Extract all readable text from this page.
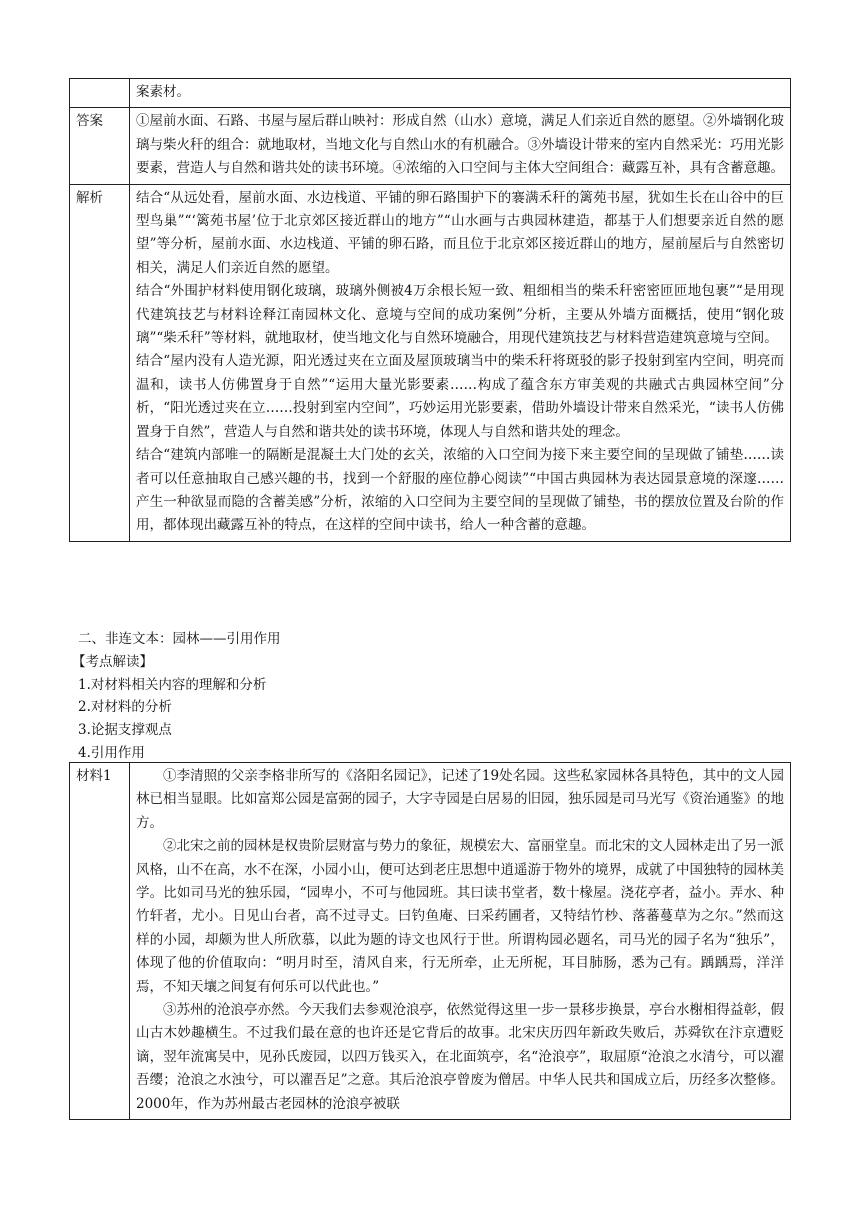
	案素材。
答案	①屋前水面、石路、书屋与屋后群山映衬：形成自然（山水）意境，满足人们亲近自然的愿望。②外墙钢化玻璃与柴火秆的组合：就地取材，当地文化与自然山水的有机融合。③外墙设计带来的室内自然采光：巧用光影要素，营造人与自然和谐共处的读书环境。④浓缩的入口空间与主体大空间组合：藏露互补，具有含蓄意趣。
解析	结合“从远处看，屋前水面、水边栈道、平铺的卵石路围护下的褰满禾秆的篱苑书屋，犹如生长在山谷中的巨型鸟巢”“‘篱苑书屋’位于北京郊区接近群山的地方”“山水画与古典园林建造，都基于人们想要亲近自然的愿望”等分析，屋前水面、水边栈道、平铺的卵石路，而且位于北京郊区接近群山的地方，屋前屋后与自然密切相关，满足人们亲近自然的愿望。

结合“外围护材料使用钢化玻璃，玻璃外侧被4万余根长短一致、粗细相当的柴禾秆密密匝匝地包裹”“是用现代建筑技艺与材料诠释江南园林文化、意境与空间的成功案例”分析，主要从外墙方面概括，使用“钢化玻璃”“柴禾秆”等材料，就地取材，使当地文化与自然环境融合，用现代建筑技艺与材料营造建筑意境与空间。

结合“屋内没有人造光源，阳光透过夹在立面及屋顶玻璃当中的柴禾秆将斑驳的影子投射到室内空间，明亮而温和，读书人仿佛置身于自然”“运用大量光影要素……构成了蕴含东方审美观的共融式古典园林空间”分析，“阳光透过夹在立……投射到室内空间”，巧妙运用光影要素，借助外墙设计带来自然采光，“读书人仿佛置身于自然”，营造人与自然和谐共处的读书环境，体现人与自然和谐共处的理念。

结合“建筑内部唯一的隔断是混凝土大门处的玄关，浓缩的入口空间为接下来主要空间的呈现做了铺垫……读者可以任意抽取自己感兴趣的书，找到一个舒服的座位静心阅读”“中国古典园林为表达园景意境的深邃……产生一种欲显而隐的含蓄美感”分析，浓缩的入口空间为主要空间的呈现做了铺垫，书的摆放位置及台阶的作用，都体现出藏露互补的特点，在这样的空间中读书，给人一种含蓄的意趣。

二、非连文本：园林——引用作用
【考点解读】
1.对材料相关内容的理解和分析
2.对材料的分析
3.论据支撑观点
4.引用作用
材料1	①李清照的父亲李格非所写的《洛阳名园记》，记述了19处名园。这些私家园林各具特色，其中的文人园林已相当显眼。比如富郑公园是富弼的园子，大字寺园是白居易的旧园，独乐园是司马光写《资治通鉴》的地方。

②北宋之前的园林是权贵阶层财富与势力的象征，规模宏大、富丽堂皇。而北宋的文人园林走出了另一派风格，山不在高，水不在深，小园小山，便可达到老庄思想中逍遥游于物外的境界，成就了中国独特的园林美学。比如司马光的独乐园，“园卑小，不可与他园班。其曰读书堂者，数十椽屋。浇花亭者，益小。弄水、种竹轩者，尤小。日见山台者，高不过寻丈。曰钓鱼庵、曰采药圃者，又特结竹杪、落蕃蔓草为之尔。”然而这样的小园，却颇为世人所欣慕，以此为题的诗文也风行于世。所谓构园必题名，司马光的园子名为“独乐”，体现了他的价值取向：“明月时至，清风自来，行无所牵，止无所柅，耳目肺肠，悉为己有。踽踽焉，洋洋焉，不知天壤之间复有何乐可以代此也。”

③苏州的沧浪亭亦然。今天我们去参观沧浪亭，依然觉得这里一步一景移步换景，亭台水榭相得益彰，假山古木妙趣横生。不过我们最在意的也许还是它背后的故事。北宋庆历四年新政失败后，苏舜钦在汴京遭贬谪，翌年流寓吴中，见孙氏废园，以四万钱买入，在北面筑亭，名“沧浪亭”，取屈原“沧浪之水清兮，可以濯吾缨；沧浪之水浊兮，可以濯吾足”之意。其后沧浪亭曾废为僧居。中华人民共和国成立后，历经多次整修。2000年，作为苏州最古老园林的沧浪亭被联
